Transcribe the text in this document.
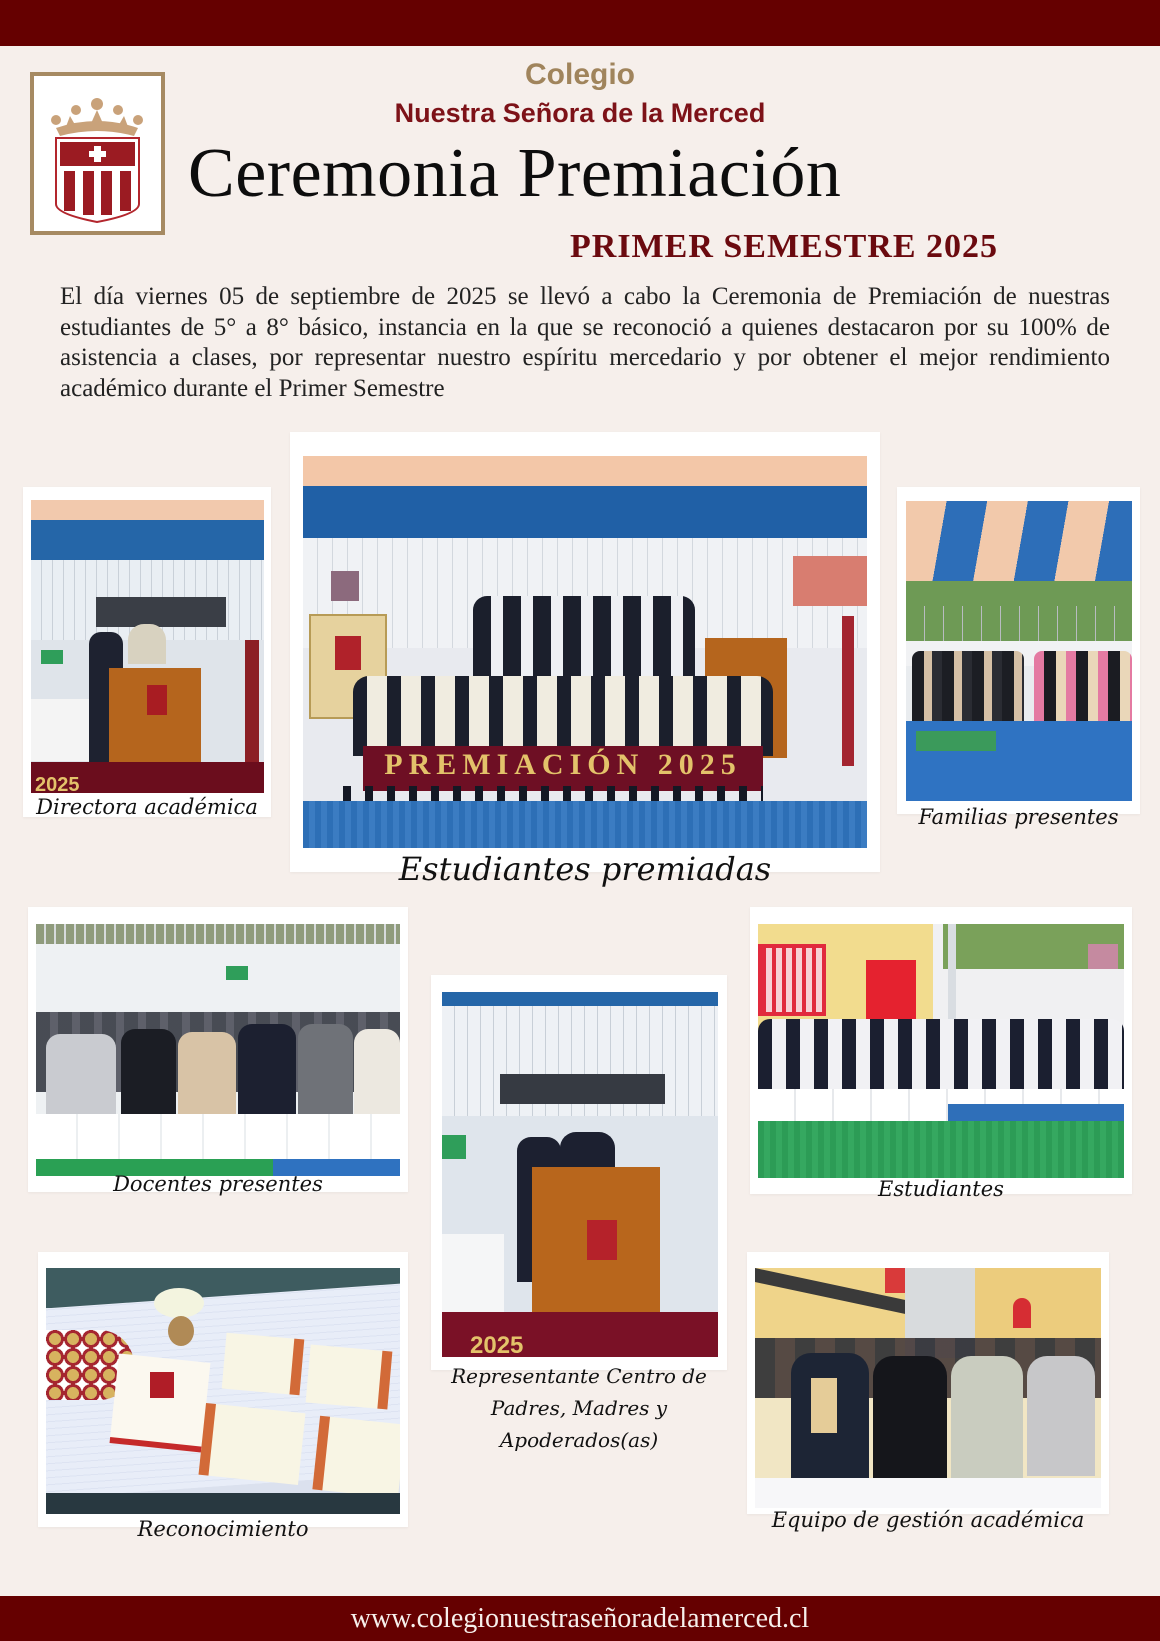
Colegio
Nuestra Señora de la Merced
Ceremonia Premiación
PRIMER SEMESTRE 2025

El día viernes 05 de septiembre de 2025 se llevó a cabo la Ceremonia de Premiación de nuestras estudiantes de 5° a 8° básico, instancia en la que se reconoció a quienes destacaron por su 100% de asistencia a clases, por representar nuestro espíritu mercedario y por obtener el mejor rendimiento académico durante el Primer Semestre

2025
Directora académica
PREMIACIÓN 2025
Estudiantes premiadas
Familias presentes
Docentes presentes
2025
Representante Centro de Padres, Madres y Apoderados(as)
Estudiantes
Reconocimiento	Equipo de gestión académica
www.colegionuestraseñoradelamerced.cl
